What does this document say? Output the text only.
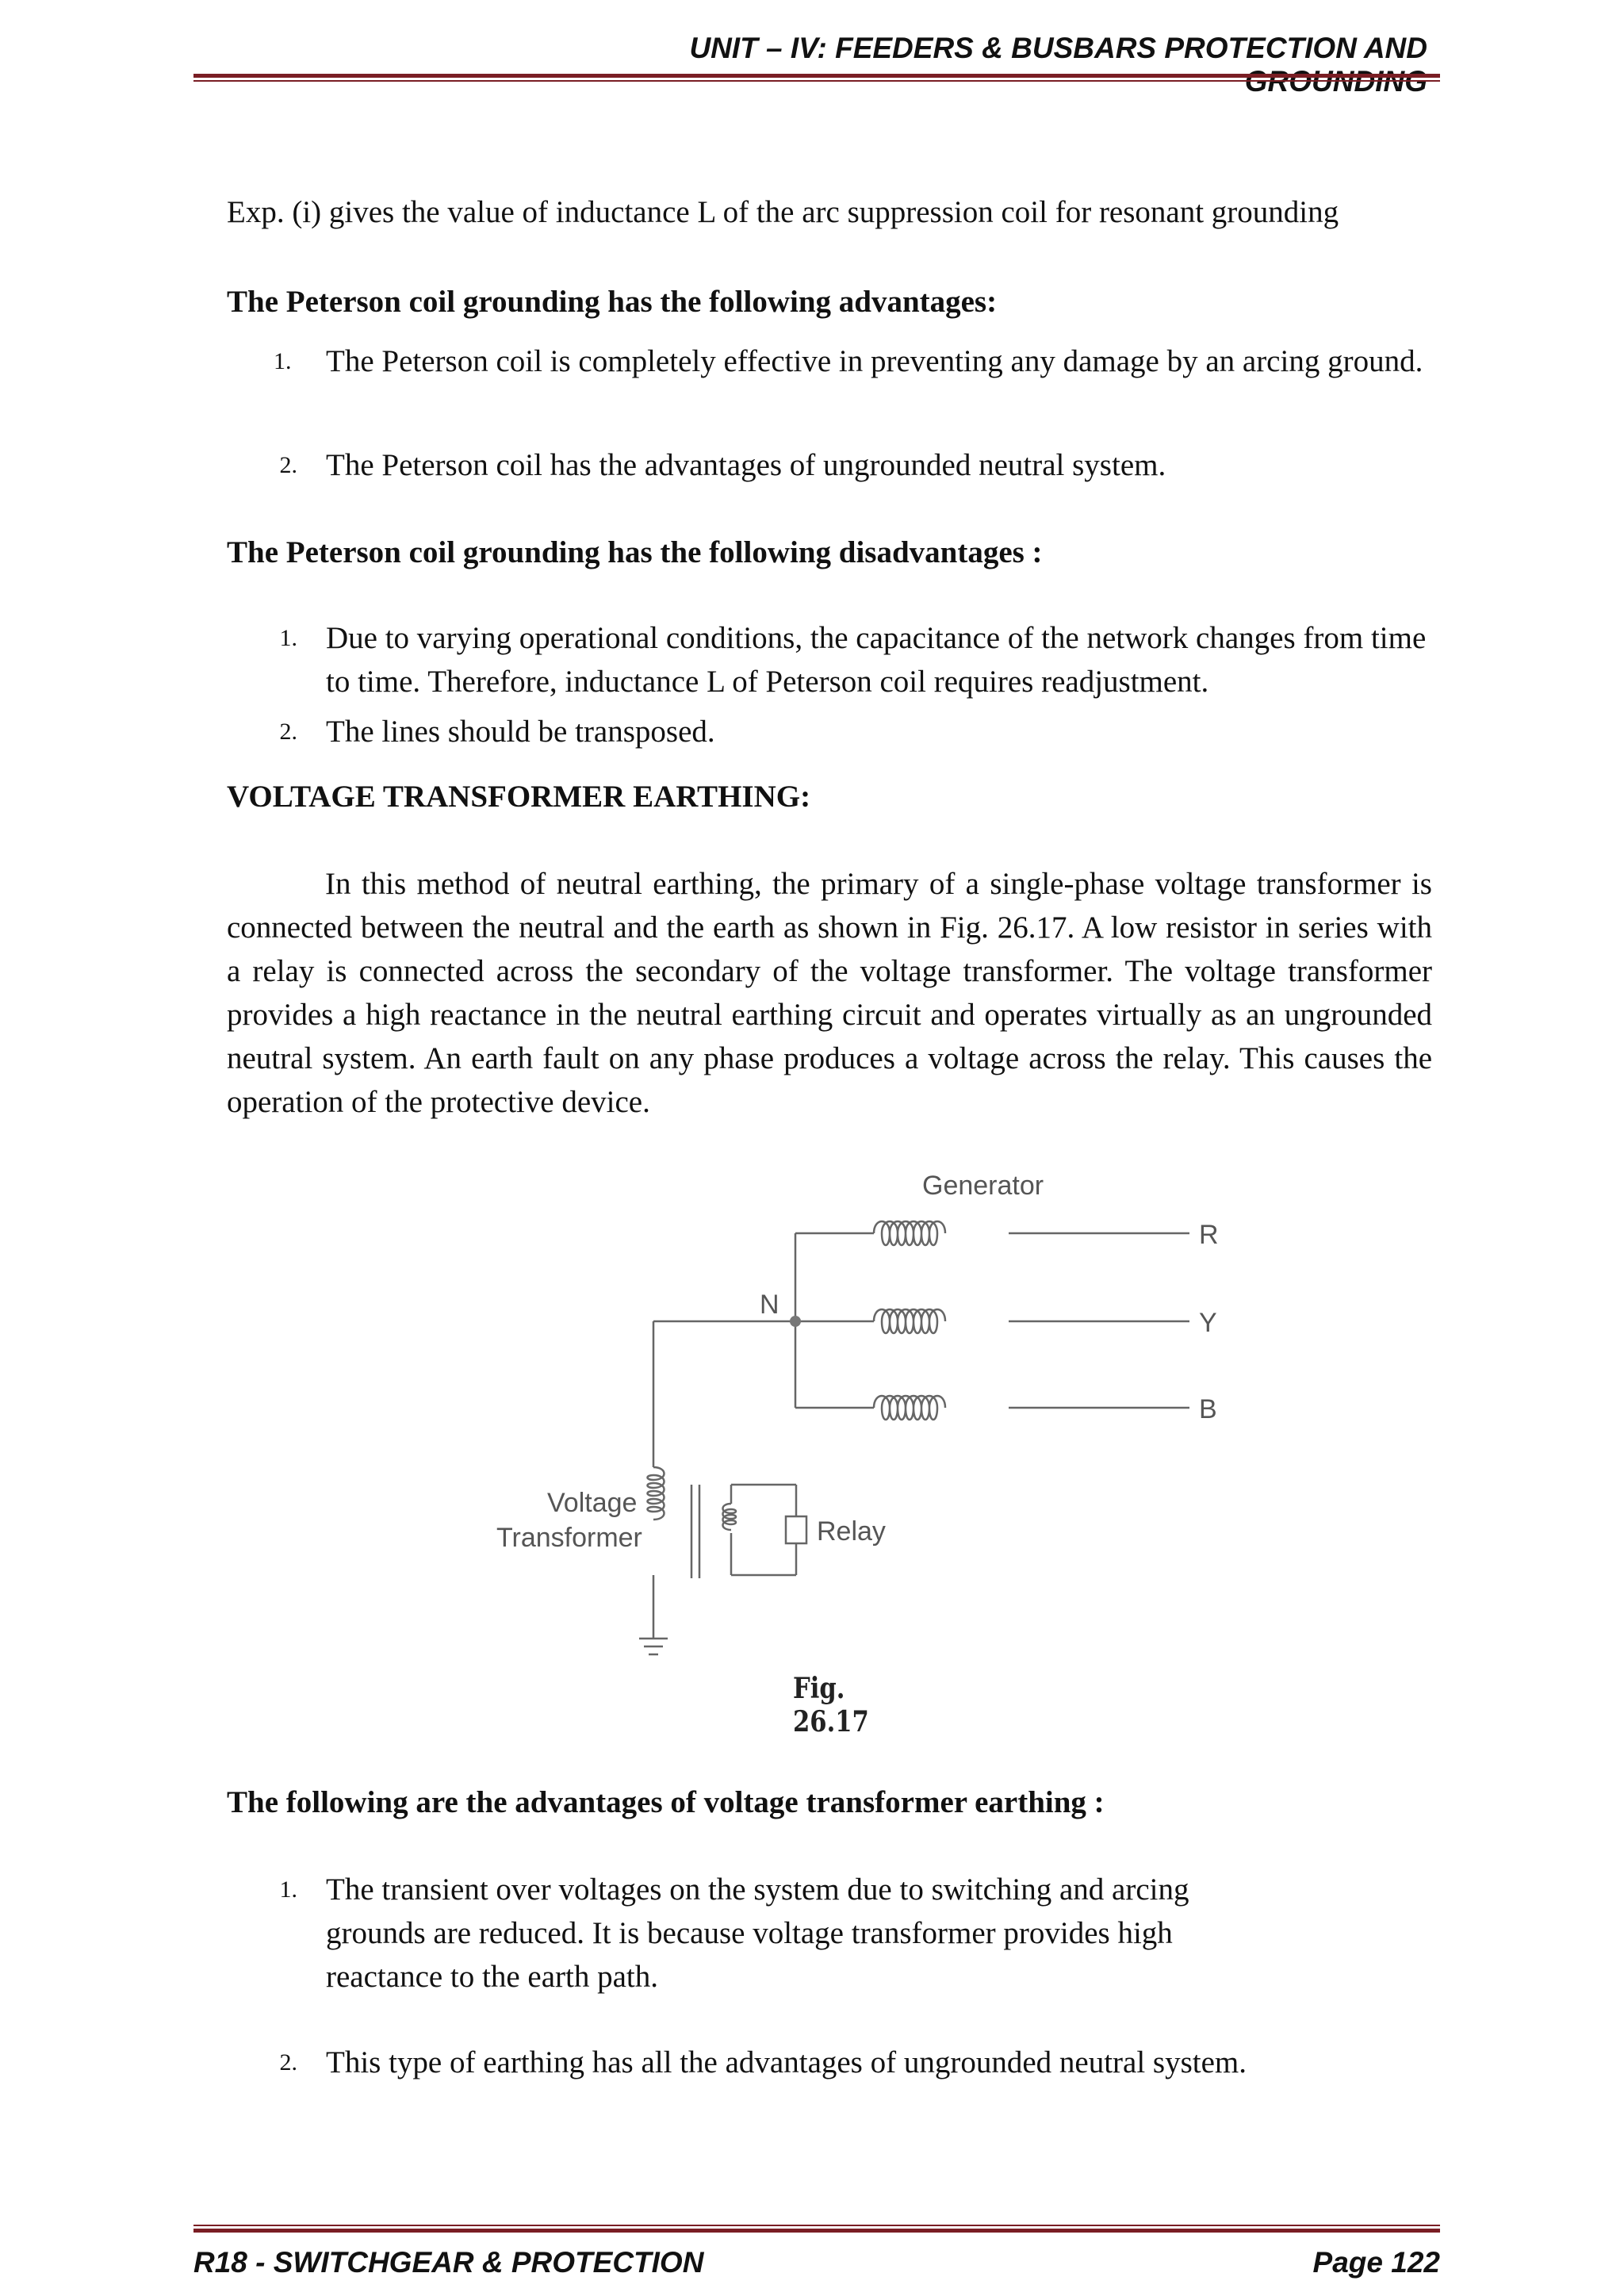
UNIT – IV: FEEDERS & BUSBARS PROTECTION AND

Exp. (i) gives the value of inductance L of the arc suppression coil for resonant grounding

The Peterson coil grounding has the following advantages:

1. The Peterson coil is completely effective in preventing any damage by an arcing ground.
2. The Peterson coil has the advantages of ungrounded neutral system.

The Peterson coil grounding has the following disadvantages :

1. Due to varying operational conditions, the capacitance of the network changes from time to time. Therefore, inductance L of Peterson coil requires readjustment.
2. The lines should be transposed.

VOLTAGE TRANSFORMER EARTHING:

In this method of neutral earthing, the primary of a single-phase voltage transformer is connected between the neutral and the earth as shown in Fig. 26.17. A low resistor in series with a relay is connected across the secondary of the voltage transformer. The voltage transformer provides a high reactance in the neutral earthing circuit and operates virtually as an ungrounded neutral system. An earth fault on any phase produces a voltage across the relay. This causes the operation of the protective device.

Generator
N
R
Y
B
Voltage
Transformer	Relay
Fig. 26.17

The following are the advantages of voltage transformer earthing :

1. The transient over voltages on the system due to switching and arcing
grounds are reduced. It is because voltage transformer provides high
reactance to the earth path.
2. This type of earthing has all the advantages of ungrounded neutral system.
R18 - SWITCHGEAR & PROTECTION	Page 122
